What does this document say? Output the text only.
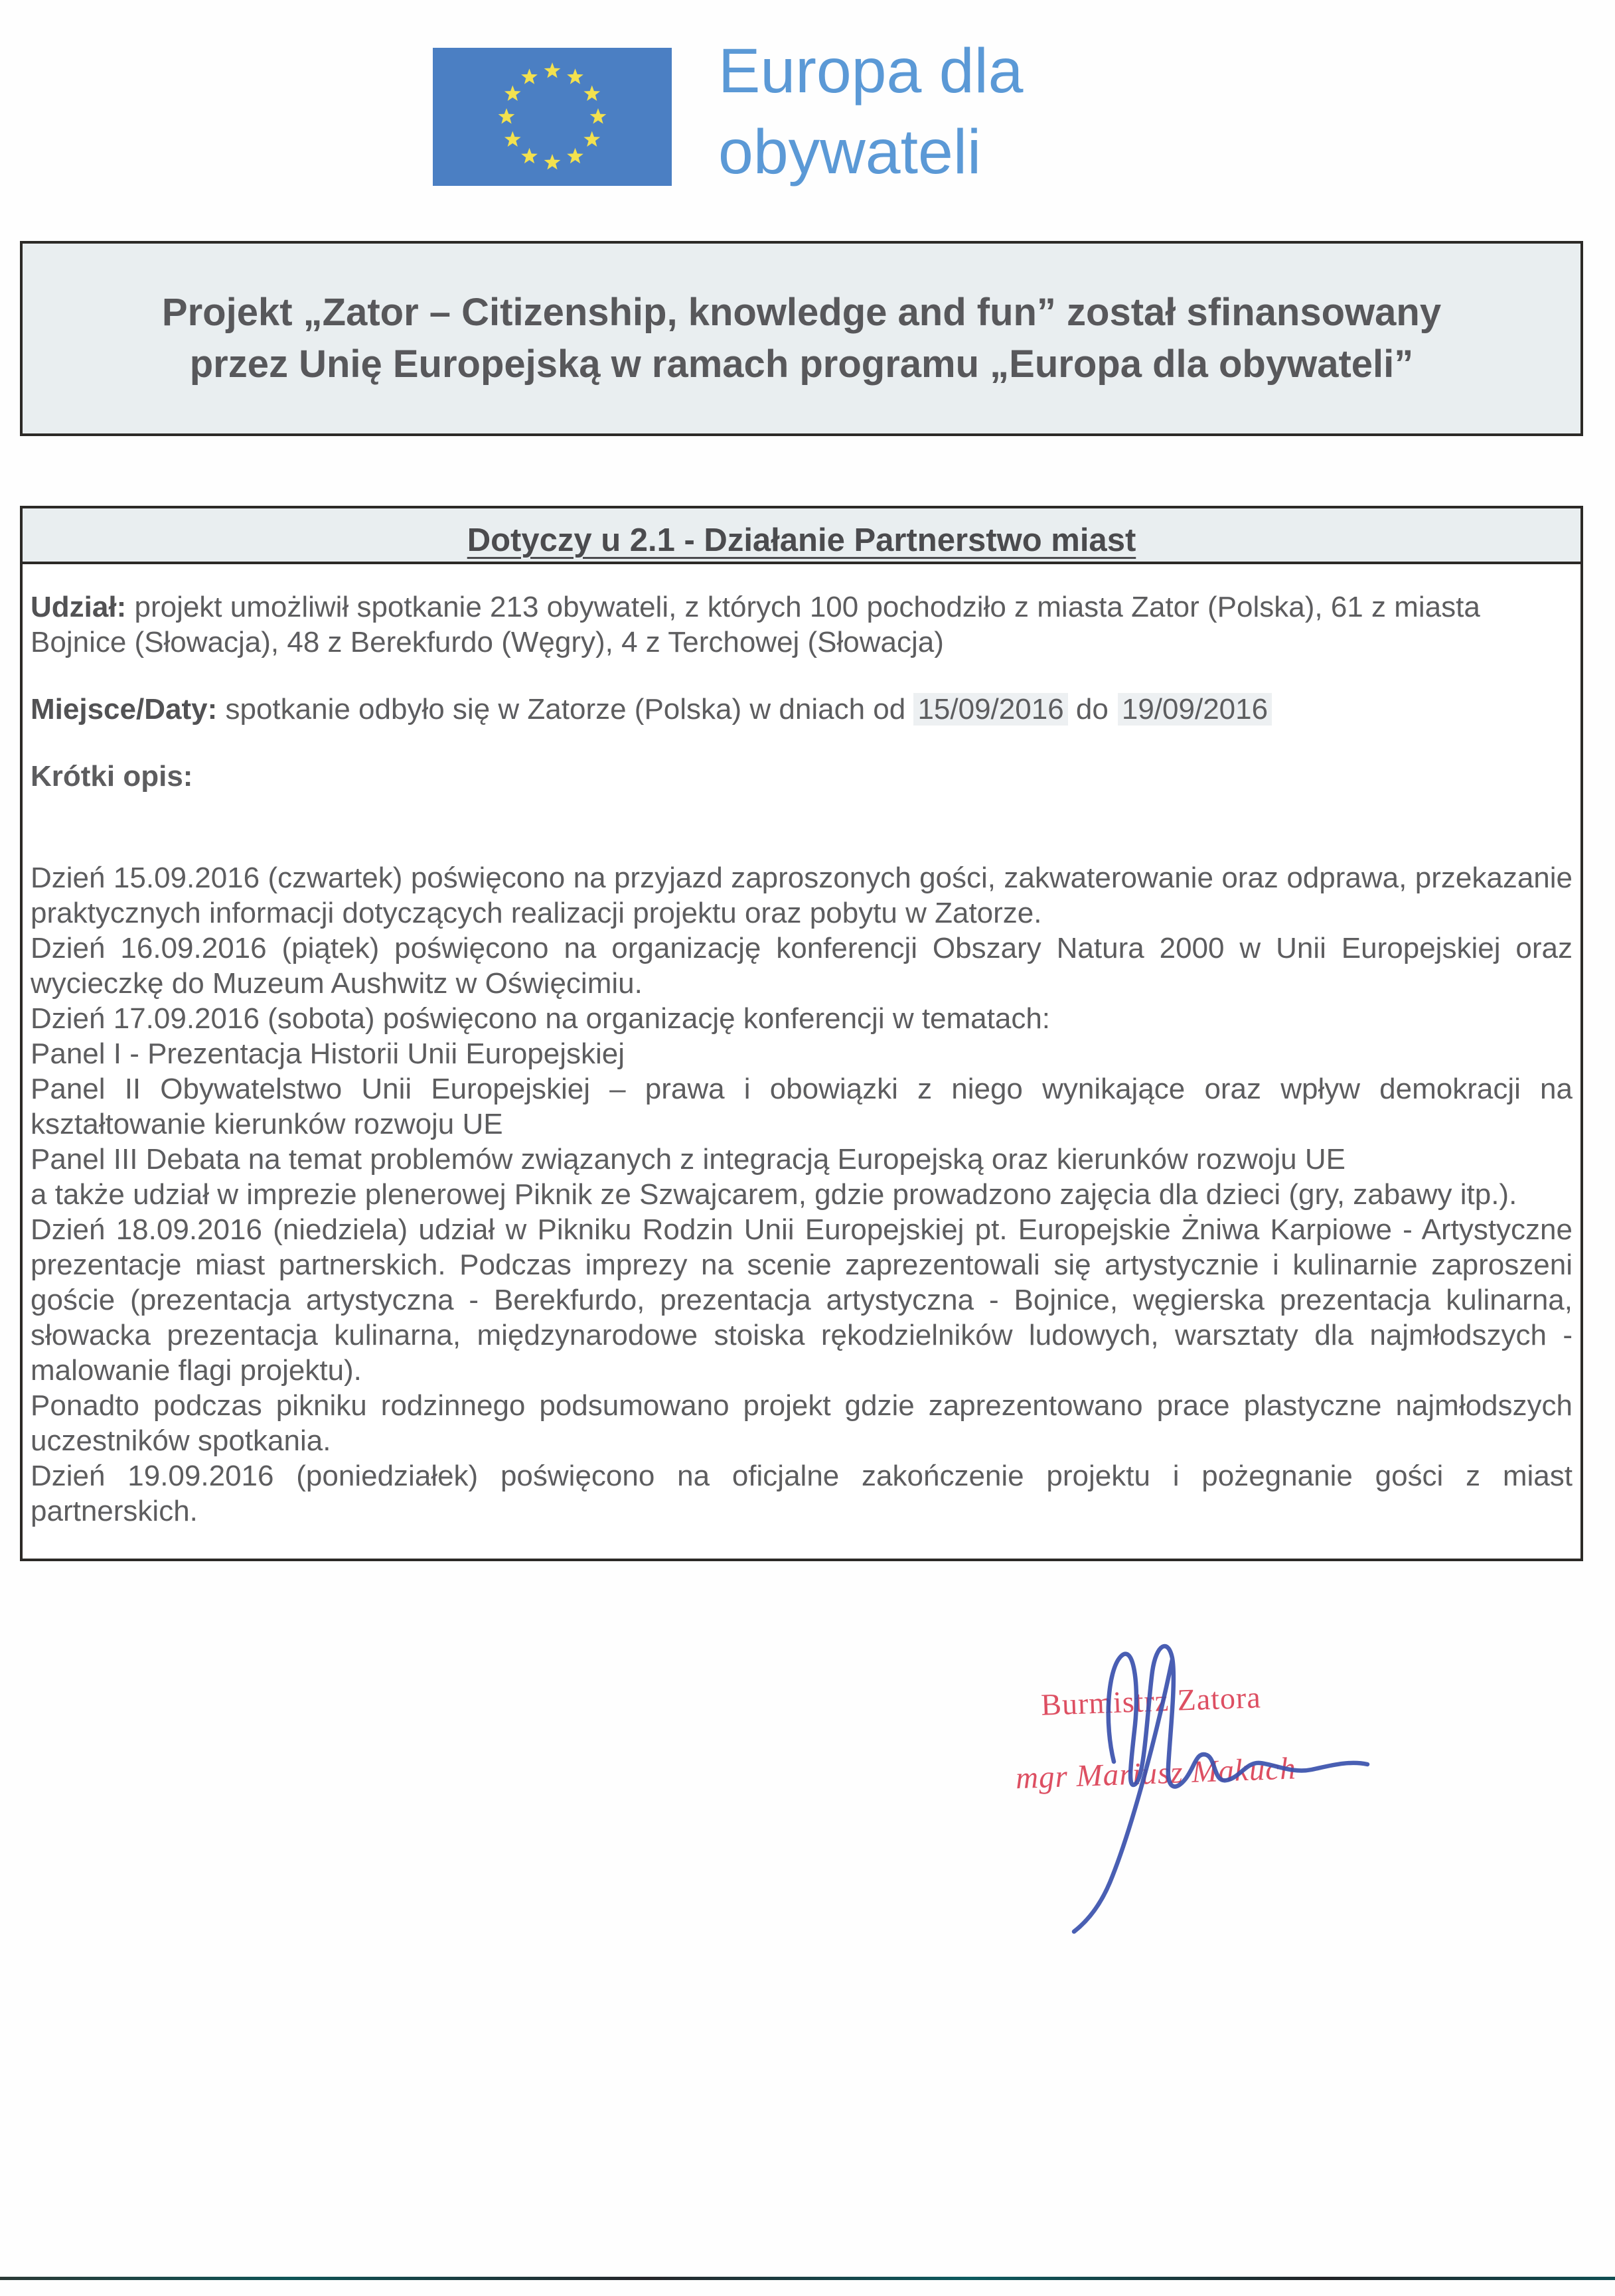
Europa dla
obywateli
Projekt „Zator – Citizenship, knowledge and fun” został sfinansowany
przez Unię Europejską w ramach programu „Europa dla obywateli”
Dotyczy u 2.1 - Działanie Partnerstwo miast

Udział: projekt umożliwił spotkanie 213 obywateli, z których 100 pochodziło z miasta Zator (Polska), 61 z miasta Bojnice (Słowacja), 48 z Berekfurdo (Węgry), 4 z Terchowej (Słowacja)

Miejsce/Daty: spotkanie odbyło się w Zatorze (Polska) w dniach od 15/09/2016 do 19/09/2016

Krótki opis:

Dzień 15.09.2016 (czwartek) poświęcono na przyjazd zaproszonych gości, zakwaterowanie oraz odprawa, przekazanie praktycznych informacji dotyczących realizacji projektu oraz pobytu w Zatorze.

Dzień 16.09.2016 (piątek) poświęcono na organizację konferencji Obszary Natura 2000 w Unii Europejskiej oraz wycieczkę do Muzeum Aushwitz w Oświęcimiu.

Dzień 17.09.2016 (sobota) poświęcono na organizację konferencji w tematach:

Panel I - Prezentacja Historii Unii Europejskiej

Panel II Obywatelstwo Unii Europejskiej – prawa i obowiązki z niego wynikające oraz wpływ demokracji na kształtowanie kierunków rozwoju UE

Panel III Debata na temat problemów związanych z integracją Europejską oraz kierunków rozwoju UE

a także udział w imprezie plenerowej Piknik ze Szwajcarem, gdzie prowadzono zajęcia dla dzieci (gry, zabawy itp.).

Dzień 18.09.2016 (niedziela) udział w Pikniku Rodzin Unii Europejskiej pt. Europejskie Żniwa Karpiowe - Artystyczne prezentacje miast partnerskich. Podczas imprezy na scenie zaprezentowali się artystycznie i kulinarnie zaproszeni goście (prezentacja artystyczna - Berekfurdo, prezentacja artystyczna - Bojnice, węgierska prezentacja kulinarna, słowacka prezentacja kulinarna, międzynarodowe stoiska rękodzielników ludowych, warsztaty dla najmłodszych - malowanie flagi projektu).

Ponadto podczas pikniku rodzinnego podsumowano projekt gdzie zaprezentowano prace plastyczne najmłodszych uczestników spotkania.

Dzień 19.09.2016 (poniedziałek) poświęcono na oficjalne zakończenie projektu i pożegnanie gości z miast partnerskich.

Burmistrz Zatora
mgr Mariusz Makuch
